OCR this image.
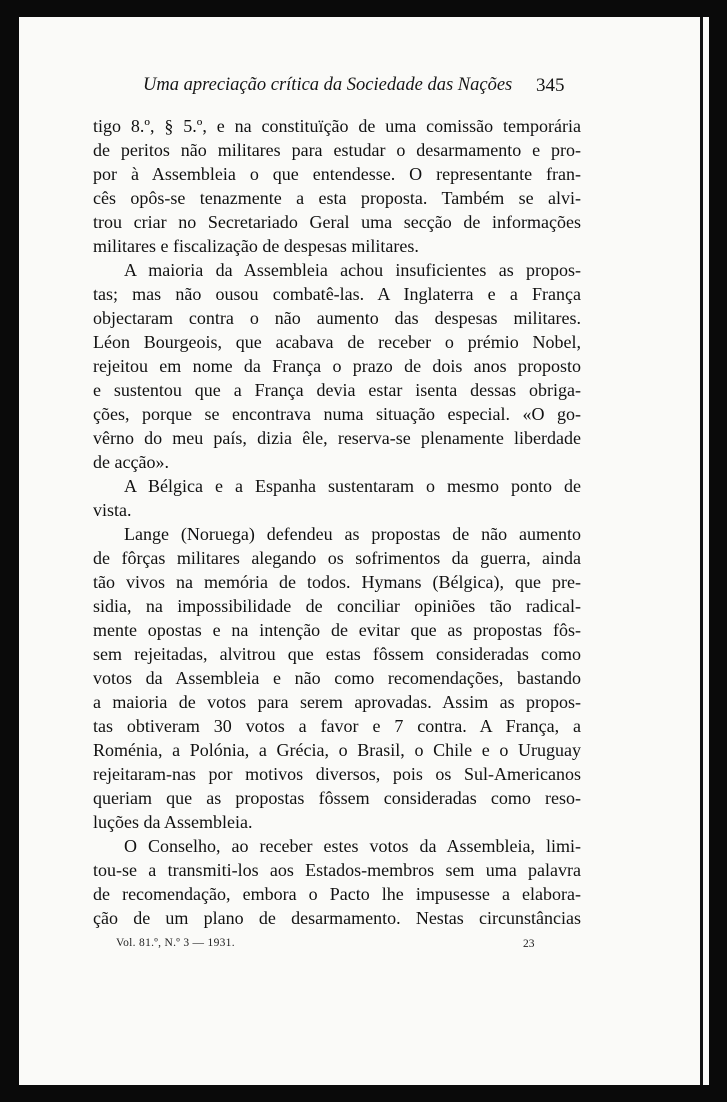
Uma apreciação crítica da Sociedade das Nações	345
tigo 8.º, § 5.º, e na constituïção de uma comissão temporária
de peritos não militares para estudar o desarmamento e pro-
por à Assembleia o que entendesse. O representante fran-
cês opôs-se tenazmente a esta proposta. Também se alvi-
trou criar no Secretariado Geral uma secção de informações
militares e fiscalização de despesas militares.
A maioria da Assembleia achou insuficientes as propos-
tas; mas não ousou combatê-las. A Inglaterra e a França
objectaram contra o não aumento das despesas militares.
Léon Bourgeois, que acabava de receber o prémio Nobel,
rejeitou em nome da França o prazo de dois anos proposto
e sustentou que a França devia estar isenta dessas obriga-
ções, porque se encontrava numa situação especial. «O go-
vêrno do meu país, dizia êle, reserva-se plenamente liberdade
de acção».
A Bélgica e a Espanha sustentaram o mesmo ponto de
vista.
Lange (Noruega) defendeu as propostas de não aumento
de fôrças militares alegando os sofrimentos da guerra, ainda
tão vivos na memória de todos. Hymans (Bélgica), que pre-
sidia, na impossibilidade de conciliar opiniões tão radical-
mente opostas e na intenção de evitar que as propostas fôs-
sem rejeitadas, alvitrou que estas fôssem consideradas como
votos da Assembleia e não como recomendações, bastando
a maioria de votos para serem aprovadas. Assim as propos-
tas obtiveram 30 votos a favor e 7 contra. A França, a
Roménia, a Polónia, a Grécia, o Brasil, o Chile e o Uruguay
rejeitaram-nas por motivos diversos, pois os Sul-Americanos
queriam que as propostas fôssem consideradas como reso-
luções da Assembleia.
O Conselho, ao receber estes votos da Assembleia, limi-
tou-se a transmiti-los aos Estados-membros sem uma palavra
de recomendação, embora o Pacto lhe impusesse a elabora-
ção de um plano de desarmamento. Nestas circunstâncias
Vol. 81.º, N.º 3 — 1931.	23
